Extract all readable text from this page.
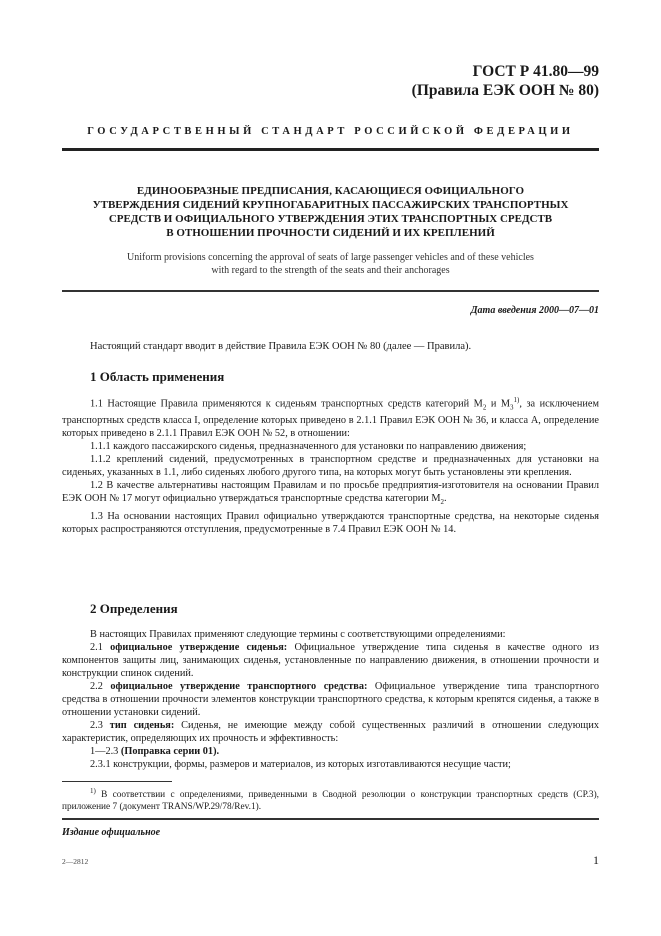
ГОСТ Р 41.80—99
(Правила ЕЭК ООН № 80)
ГОСУДАРСТВЕННЫЙ СТАНДАРТ РОССИЙСКОЙ ФЕДЕРАЦИИ
ЕДИНООБРАЗНЫЕ ПРЕДПИСАНИЯ, КАСАЮЩИЕСЯ ОФИЦИАЛЬНОГО
УТВЕРЖДЕНИЯ СИДЕНИЙ КРУПНОГАБАРИТНЫХ ПАССАЖИРСКИХ ТРАНСПОРТНЫХ
СРЕДСТВ И ОФИЦИАЛЬНОГО УТВЕРЖДЕНИЯ ЭТИХ ТРАНСПОРТНЫХ СРЕДСТВ
В ОТНОШЕНИИ ПРОЧНОСТИ СИДЕНИЙ И ИХ КРЕПЛЕНИЙ
Uniform provisions concerning the approval of seats of large passenger vehicles and of these vehicles
with regard to the strength of the seats and their anchorages
Дата введения 2000—07—01
Настоящий стандарт вводит в действие Правила ЕЭК ООН № 80 (далее — Правила).
1 Область применения

1.1 Настоящие Правила применяются к сиденьям транспортных средств категорий $M_2$ и $M_3^{1)}$, за исключением транспортных средств класса I, определение которых приведено в 2.1.1 Правил ЕЭК ООН № 36, и класса A, определение которых приведено в 2.1.1 Правил ЕЭК ООН № 52, в отношении:

1.1.1 каждого пассажирского сиденья, предназначенного для установки по направлению движения;

1.1.2 креплений сидений, предусмотренных в транспортном средстве и предназначенных для установки на сиденьях, указанных в 1.1, либо сиденьях любого другого типа, на которых могут быть установлены эти крепления.

1.2 В качестве альтернативы настоящим Правилам и по просьбе предприятия-изготовителя на основании Правил ЕЭК ООН № 17 могут официально утверждаться транспортные средства категории $M_2$.

1.3 На основании настоящих Правил официально утверждаются транспортные средства, на некоторые сиденья которых распространяются отступления, предусмотренные в 7.4 Правил ЕЭК ООН № 14.

2 Определения

В настоящих Правилах применяют следующие термины с соответствующими определениями:

2.1 официальное утверждение сиденья: Официальное утверждение типа сиденья в качестве одного из компонентов защиты лиц, занимающих сиденья, установленные по направлению движения, в отношении прочности и конструкции спинок сидений.

2.2 официальное утверждение транспортного средства: Официальное утверждение типа транспортного средства в отношении прочности элементов конструкции транспортного средства, к которым крепятся сиденья, а также в отношении установки сидений.

2.3 тип сиденья: Сиденья, не имеющие между собой существенных различий в отношении следующих характеристик, определяющих их прочность и эффективность:

1—2.3 (Поправка серии 01).

2.3.1 конструкции, формы, размеров и материалов, из которых изготавливаются несущие части;

$^{1)}$ В соответствии с определениями, приведенными в Сводной резолюции о конструкции транспортных средств (СР.3), приложение 7 (документ TRANS/WP.29/78/Rev.1).
Издание официальное
2—2812	1
